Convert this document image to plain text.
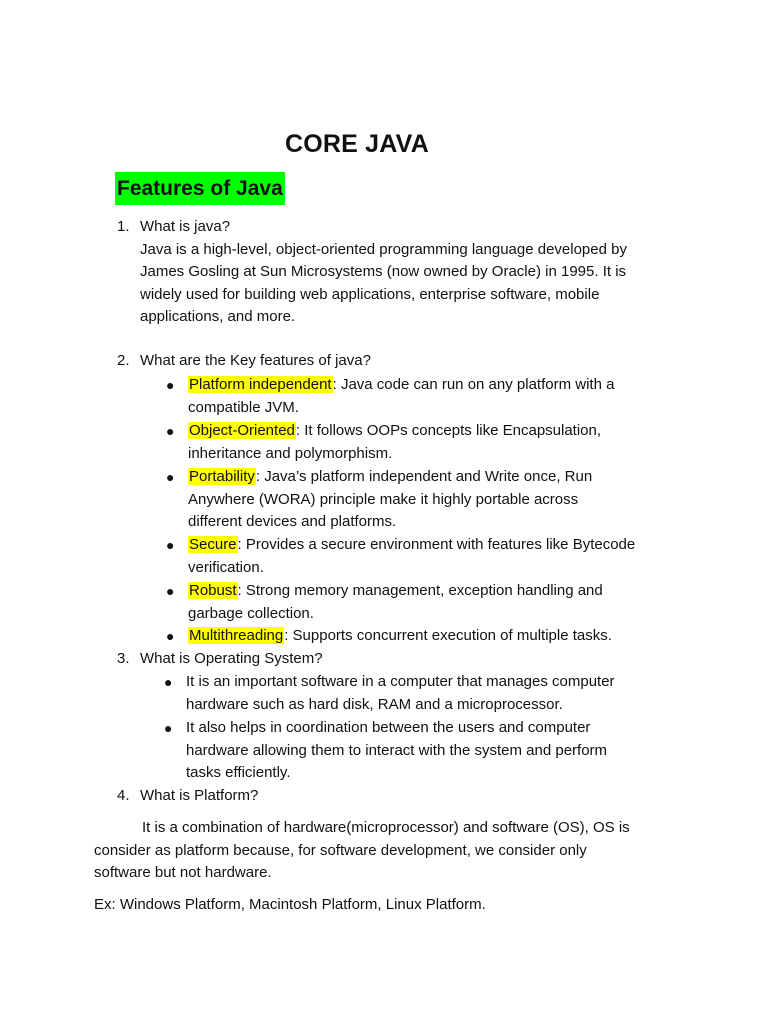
CORE JAVA
Features of Java
1. What is java?

Java is a high-level, object-oriented programming language developed by

James Gosling at Sun Microsystems (now owned by Oracle) in 1995. It is

widely used for building web applications, enterprise software, mobile

applications, and more.

2. What are the Key features of java?

● Platform independent: Java code can run on any platform with a

compatible JVM.

● Object-Oriented: It follows OOPs concepts like Encapsulation,

inheritance and polymorphism.

● Portability: Java’s platform independent and Write once, Run

Anywhere (WORA) principle make it highly portable across

different devices and platforms.

● Secure: Provides a secure environment with features like Bytecode

verification.

● Robust: Strong memory management, exception handling and

garbage collection.

● Multithreading: Supports concurrent execution of multiple tasks.

3. What is Operating System?

● It is an important software in a computer that manages computer

hardware such as hard disk, RAM and a microprocessor.

● It also helps in coordination between the users and computer

hardware allowing them to interact with the system and perform

tasks efficiently.

4. What is Platform?

It is a combination of hardware(microprocessor) and software (OS), OS is

consider as platform because, for software development, we consider only

software but not hardware.

Ex: Windows Platform, Macintosh Platform, Linux Platform.
